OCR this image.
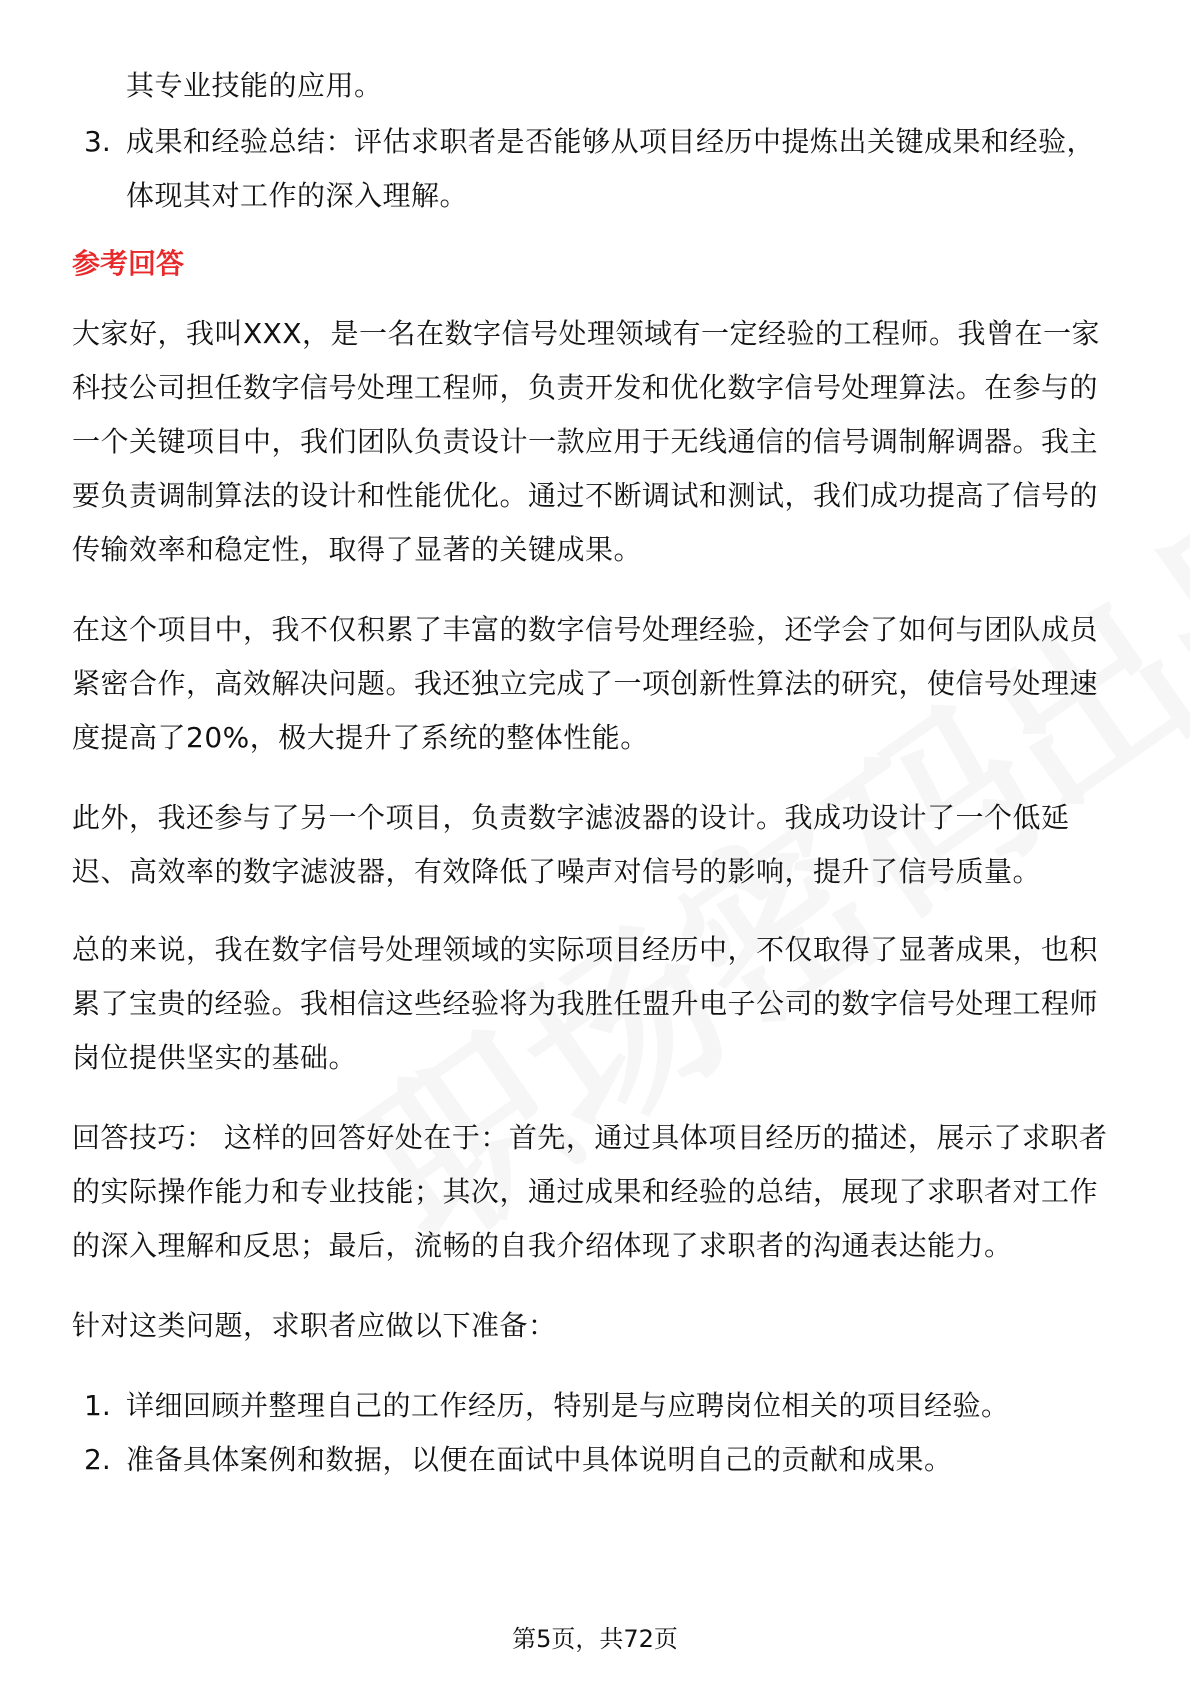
其专业技能的应用。
3. 成果和经验总结：评估求职者是否能够从项目经历中提炼出关键成果和经验，
体现其对工作的深入理解。
参考回答
大家好，我叫XXX，是一名在数字信号处理领域有一定经验的工程师。我曾在一家
科技公司担任数字信号处理工程师，负责开发和优化数字信号处理算法。在参与的
一个关键项目中，我们团队负责设计一款应用于无线通信的信号调制解调器。我主
要负责调制算法的设计和性能优化。通过不断调试和测试，我们成功提高了信号的
传输效率和稳定性，取得了显著的关键成果。
在这个项目中，我不仅积累了丰富的数字信号处理经验，还学会了如何与团队成员
紧密合作，高效解决问题。我还独立完成了一项创新性算法的研究，使信号处理速
度提高了20%，极大提升了系统的整体性能。
此外，我还参与了另一个项目，负责数字滤波器的设计。我成功设计了一个低延
迟、高效率的数字滤波器，有效降低了噪声对信号的影响，提升了信号质量。
总的来说，我在数字信号处理领域的实际项目经历中，不仅取得了显著成果，也积
累了宝贵的经验。我相信这些经验将为我胜任盟升电子公司的数字信号处理工程师
岗位提供坚实的基础。
回答技巧： 这样的回答好处在于：首先，通过具体项目经历的描述，展示了求职者
的实际操作能力和专业技能；其次，通过成果和经验的总结，展现了求职者对工作
的深入理解和反思；最后，流畅的自我介绍体现了求职者的沟通表达能力。
针对这类问题，求职者应做以下准备：
1. 详细回顾并整理自己的工作经历，特别是与应聘岗位相关的项目经验。
2. 准备具体案例和数据，以便在面试中具体说明自己的贡献和成果。
第5页，共72页
